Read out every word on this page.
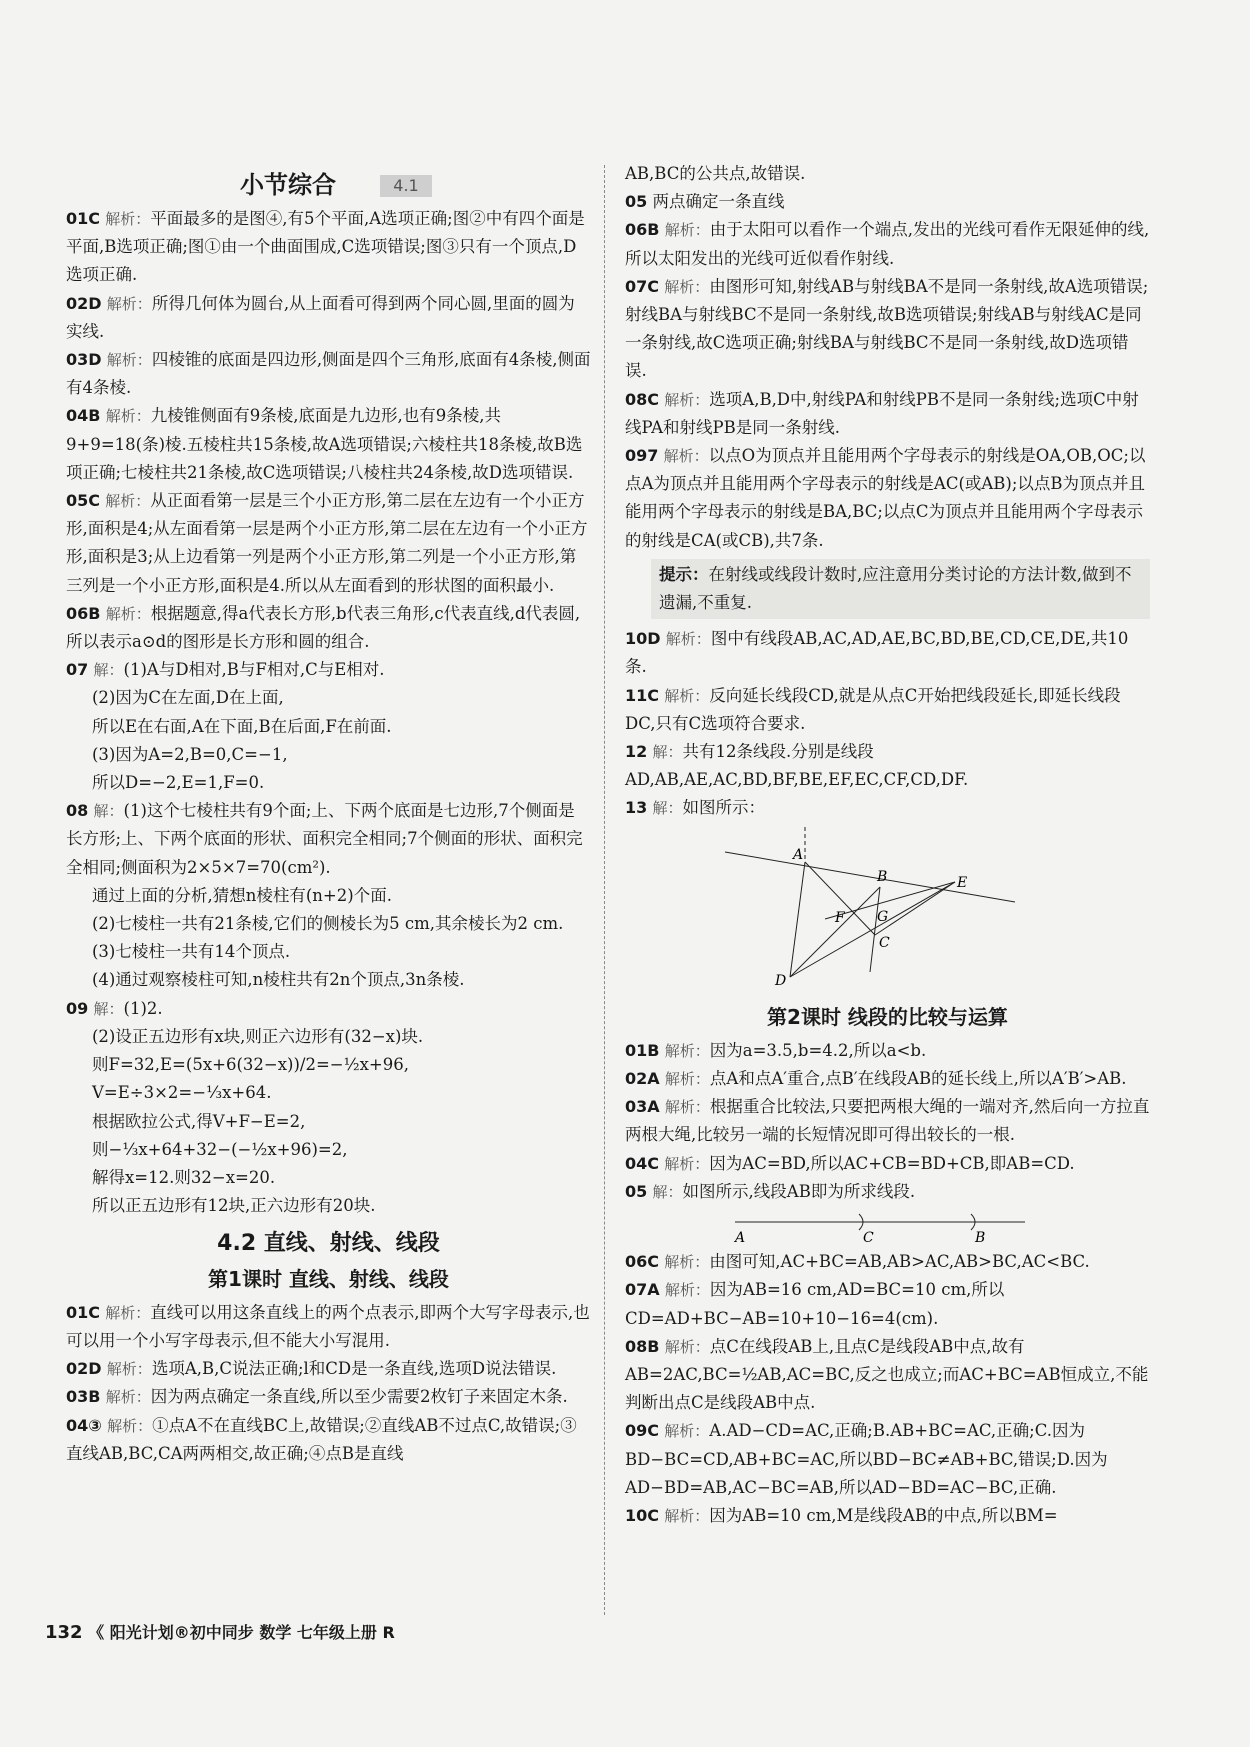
小节综合	4.1
01C 解析：平面最多的是图④,有5个平面,A选项正确;图②中有四个面是平面,B选项正确;图①由一个曲面围成,C选项错误;图③只有一个顶点,D选项正确.
02D 解析：所得几何体为圆台,从上面看可得到两个同心圆,里面的圆为实线.
03D 解析：四棱锥的底面是四边形,侧面是四个三角形,底面有4条棱,侧面有4条棱.
04B 解析：九棱锥侧面有9条棱,底面是九边形,也有9条棱,共9+9=18(条)棱.五棱柱共15条棱,故A选项错误;六棱柱共18条棱,故B选项正确;七棱柱共21条棱,故C选项错误;八棱柱共24条棱,故D选项错误.
05C 解析：从正面看第一层是三个小正方形,第二层在左边有一个小正方形,面积是4;从左面看第一层是两个小正方形,第二层在左边有一个小正方形,面积是3;从上边看第一列是两个小正方形,第二列是一个小正方形,第三列是一个小正方形,面积是4.所以从左面看到的形状图的面积最小.
06B 解析：根据题意,得a代表长方形,b代表三角形,c代表直线,d代表圆,所以表示a⊙d的图形是长方形和圆的组合.
07 解：(1)A与D相对,B与F相对,C与E相对.
(2)因为C在左面,D在上面,
所以E在右面,A在下面,B在后面,F在前面.
(3)因为A=2,B=0,C=−1,
所以D=−2,E=1,F=0.
08 解：(1)这个七棱柱共有9个面;上、下两个底面是七边形,7个侧面是长方形;上、下两个底面的形状、面积完全相同;7个侧面的形状、面积完全相同;侧面积为2×5×7=70(cm²).
通过上面的分析,猜想n棱柱有(n+2)个面.
(2)七棱柱一共有21条棱,它们的侧棱长为5 cm,其余棱长为2 cm.
(3)七棱柱一共有14个顶点.
(4)通过观察棱柱可知,n棱柱共有2n个顶点,3n条棱.
09 解：(1)2.
(2)设正五边形有x块,则正六边形有(32−x)块.
则F=32,E=(5x+6(32−x))/2=−½x+96,
V=E÷3×2=−⅓x+64.
根据欧拉公式,得V+F−E=2,
则−⅓x+64+32−(−½x+96)=2,
解得x=12.则32−x=20.
所以正五边形有12块,正六边形有20块.
4.2 直线、射线、线段
第1课时 直线、射线、线段
01C 解析：直线可以用这条直线上的两个点表示,即两个大写字母表示,也可以用一个小写字母表示,但不能大小写混用.
02D 解析：选项A,B,C说法正确;l和CD是一条直线,选项D说法错误.
03B 解析：因为两点确定一条直线,所以至少需要2枚钉子来固定木条.
04③ 解析：①点A不在直线BC上,故错误;②直线AB不过点C,故错误;③直线AB,BC,CA两两相交,故正确;④点B是直线
AB,BC的公共点,故错误.
05 两点确定一条直线
06B 解析：由于太阳可以看作一个端点,发出的光线可看作无限延伸的线,所以太阳发出的光线可近似看作射线.
07C 解析：由图形可知,射线AB与射线BA不是同一条射线,故A选项错误;射线BA与射线BC不是同一条射线,故B选项错误;射线AB与射线AC是同一条射线,故C选项正确;射线BA与射线BC不是同一条射线,故D选项错误.
08C 解析：选项A,B,D中,射线PA和射线PB不是同一条射线;选项C中射线PA和射线PB是同一条射线.
097 解析：以点O为顶点并且能用两个字母表示的射线是OA,OB,OC;以点A为顶点并且能用两个字母表示的射线是AC(或AB);以点B为顶点并且能用两个字母表示的射线是BA,BC;以点C为顶点并且能用两个字母表示的射线是CA(或CB),共7条.
提示：在射线或线段计数时,应注意用分类讨论的方法计数,做到不遗漏,不重复.
10D 解析：图中有线段AB,AC,AD,AE,BC,BD,BE,CD,CE,DE,共10条.
11C 解析：反向延长线段CD,就是从点C开始把线段延长,即延长线段DC,只有C选项符合要求.
12 解：共有12条线段.分别是线段AD,AB,AE,AC,BD,BF,BE,EF,EC,CF,CD,DF.
13 解：如图所示：
A
B	E
F G
C
D
第2课时 线段的比较与运算
01B 解析：因为a=3.5,b=4.2,所以a<b.
02A 解析：点A和点A′重合,点B′在线段AB的延长线上,所以A′B′>AB.
03A 解析：根据重合比较法,只要把两根大绳的一端对齐,然后向一方拉直两根大绳,比较另一端的长短情况即可得出较长的一根.
04C 解析：因为AC=BD,所以AC+CB=BD+CB,即AB=CD.
05 解：如图所示,线段AB即为所求线段.
A	C	B
06C 解析：由图可知,AC+BC=AB,AB>AC,AB>BC,AC<BC.
07A 解析：因为AB=16 cm,AD=BC=10 cm,所以CD=AD+BC−AB=10+10−16=4(cm).
08B 解析：点C在线段AB上,且点C是线段AB中点,故有AB=2AC,BC=½AB,AC=BC,反之也成立;而AC+BC=AB恒成立,不能判断出点C是线段AB中点.
09C 解析：A.AD−CD=AC,正确;B.AB+BC=AC,正确;C.因为BD−BC=CD,AB+BC=AC,所以BD−BC≠AB+BC,错误;D.因为AD−BD=AB,AC−BC=AB,所以AD−BD=AC−BC,正确.
10C 解析：因为AB=10 cm,M是线段AB的中点,所以BM=
132 《 阳光计划®初中同步 数学 七年级上册 R
